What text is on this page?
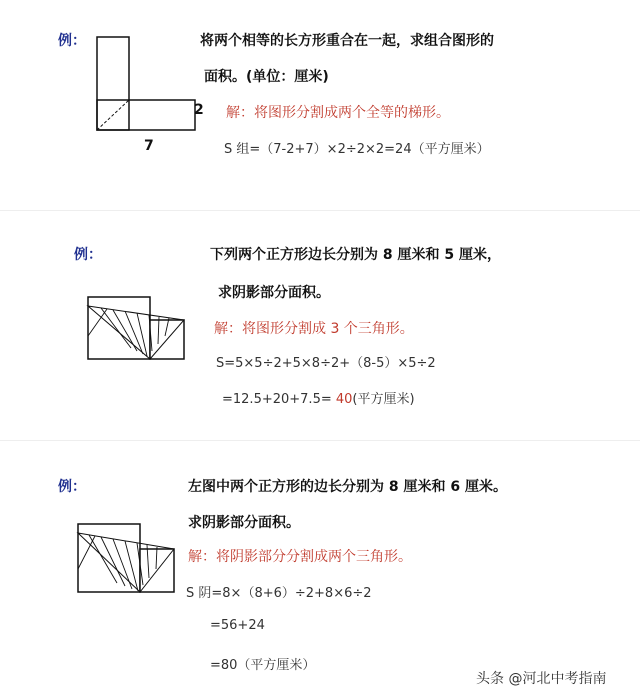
例：
2
7
将两个相等的长方形重合在一起，求组合图形的
面积。(单位：厘米)
解：将图形分割成两个全等的梯形。
S 组=（7-2+7）×2÷2×2=24（平方厘米）
例：	下列两个正方形边长分别为 8 厘米和 5 厘米，
求阴影部分面积。
解：将图形分割成 3 个三角形。
S=5×5÷2+5×8÷2+（8-5）×5÷2
=12.5+20+7.5= 40(平方厘米)
例：	左图中两个正方形的边长分别为 8 厘米和 6 厘米。
求阴影部分面积。
解：将阴影部分分割成两个三角形。
S 阴=8×（8+6）÷2+8×6÷2
=56+24
=80（平方厘米）
头条 @河北中考指南
